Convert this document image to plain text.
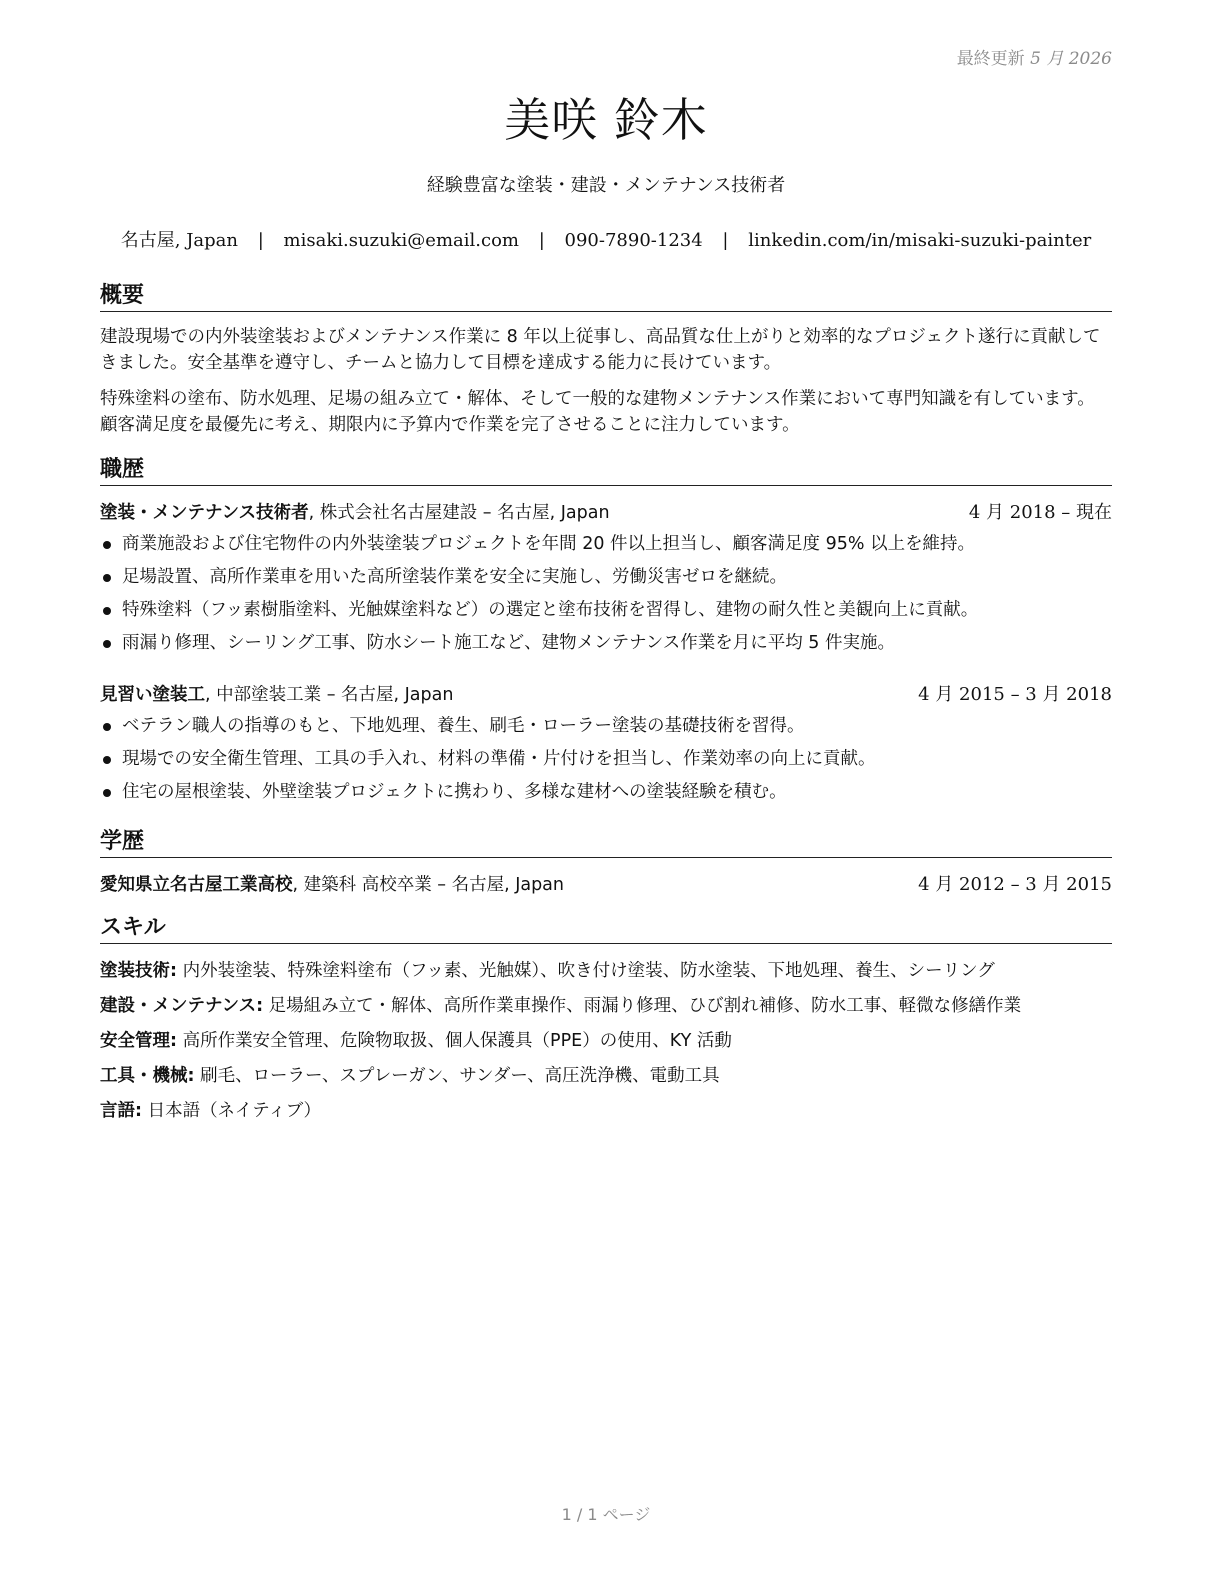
最終更新 5 月 2026
美咲 鈴木
経験豊富な塗装・建設・メンテナンス技術者
名古屋, Japan | misaki.suzuki@email.com | 090-7890-1234 | linkedin.com/in/misaki-suzuki-painter
概要

建設現場での内外装塗装およびメンテナンス作業に 8 年以上従事し、高品質な仕上がりと効率的なプロジェクト遂行に貢献してきました。安全基準を遵守し、チームと協力して目標を達成する能力に長けています。

特殊塗料の塗布、防水処理、足場の組み立て・解体、そして一般的な建物メンテナンス作業において専門知識を有しています。顧客満足度を最優先に考え、期限内に予算内で作業を完了させることに注力しています。

職歴
塗装・メンテナンス技術者, 株式会社名古屋建設 – 名古屋, Japan	4 月 2018 – 現在
商業施設および住宅物件の内外装塗装プロジェクトを年間 20 件以上担当し、顧客満足度 95% 以上を維持。
足場設置、高所作業車を用いた高所塗装作業を安全に実施し、労働災害ゼロを継続。
特殊塗料（フッ素樹脂塗料、光触媒塗料など）の選定と塗布技術を習得し、建物の耐久性と美観向上に貢献。
雨漏り修理、シーリング工事、防水シート施工など、建物メンテナンス作業を月に平均 5 件実施。
見習い塗装工, 中部塗装工業 – 名古屋, Japan	4 月 2015 – 3 月 2018
ベテラン職人の指導のもと、下地処理、養生、刷毛・ローラー塗装の基礎技術を習得。
現場での安全衛生管理、工具の手入れ、材料の準備・片付けを担当し、作業効率の向上に貢献。
住宅の屋根塗装、外壁塗装プロジェクトに携わり、多様な建材への塗装経験を積む。
学歴
愛知県立名古屋工業高校, 建築科 高校卒業 – 名古屋, Japan	4 月 2012 – 3 月 2015
スキル
塗装技術: 内外装塗装、特殊塗料塗布（フッ素、光触媒）、吹き付け塗装、防水塗装、下地処理、養生、シーリング
建設・メンテナンス: 足場組み立て・解体、高所作業車操作、雨漏り修理、ひび割れ補修、防水工事、軽微な修繕作業
安全管理: 高所作業安全管理、危険物取扱、個人保護具（PPE）の使用、KY 活動
工具・機械: 刷毛、ローラー、スプレーガン、サンダー、高圧洗浄機、電動工具
言語: 日本語（ネイティブ）
1 / 1 ページ
